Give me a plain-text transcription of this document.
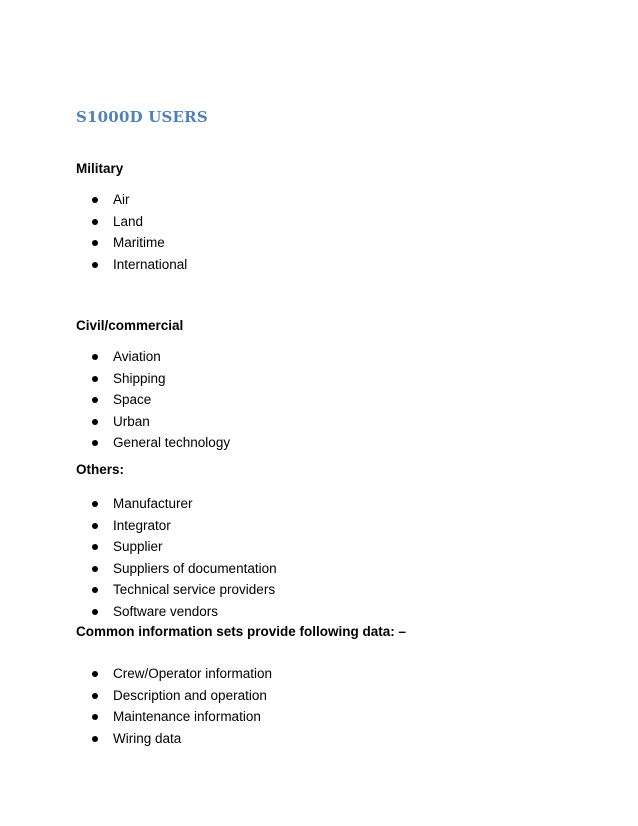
S1000D USERS

Military

Air
Land
Maritime
International

Civil/commercial

Aviation
Shipping
Space
Urban
General technology

Others:

Manufacturer
Integrator
Supplier
Suppliers of documentation
Technical service providers
Software vendors

Common information sets provide following data: –

Crew/Operator information
Description and operation
Maintenance information
Wiring data
